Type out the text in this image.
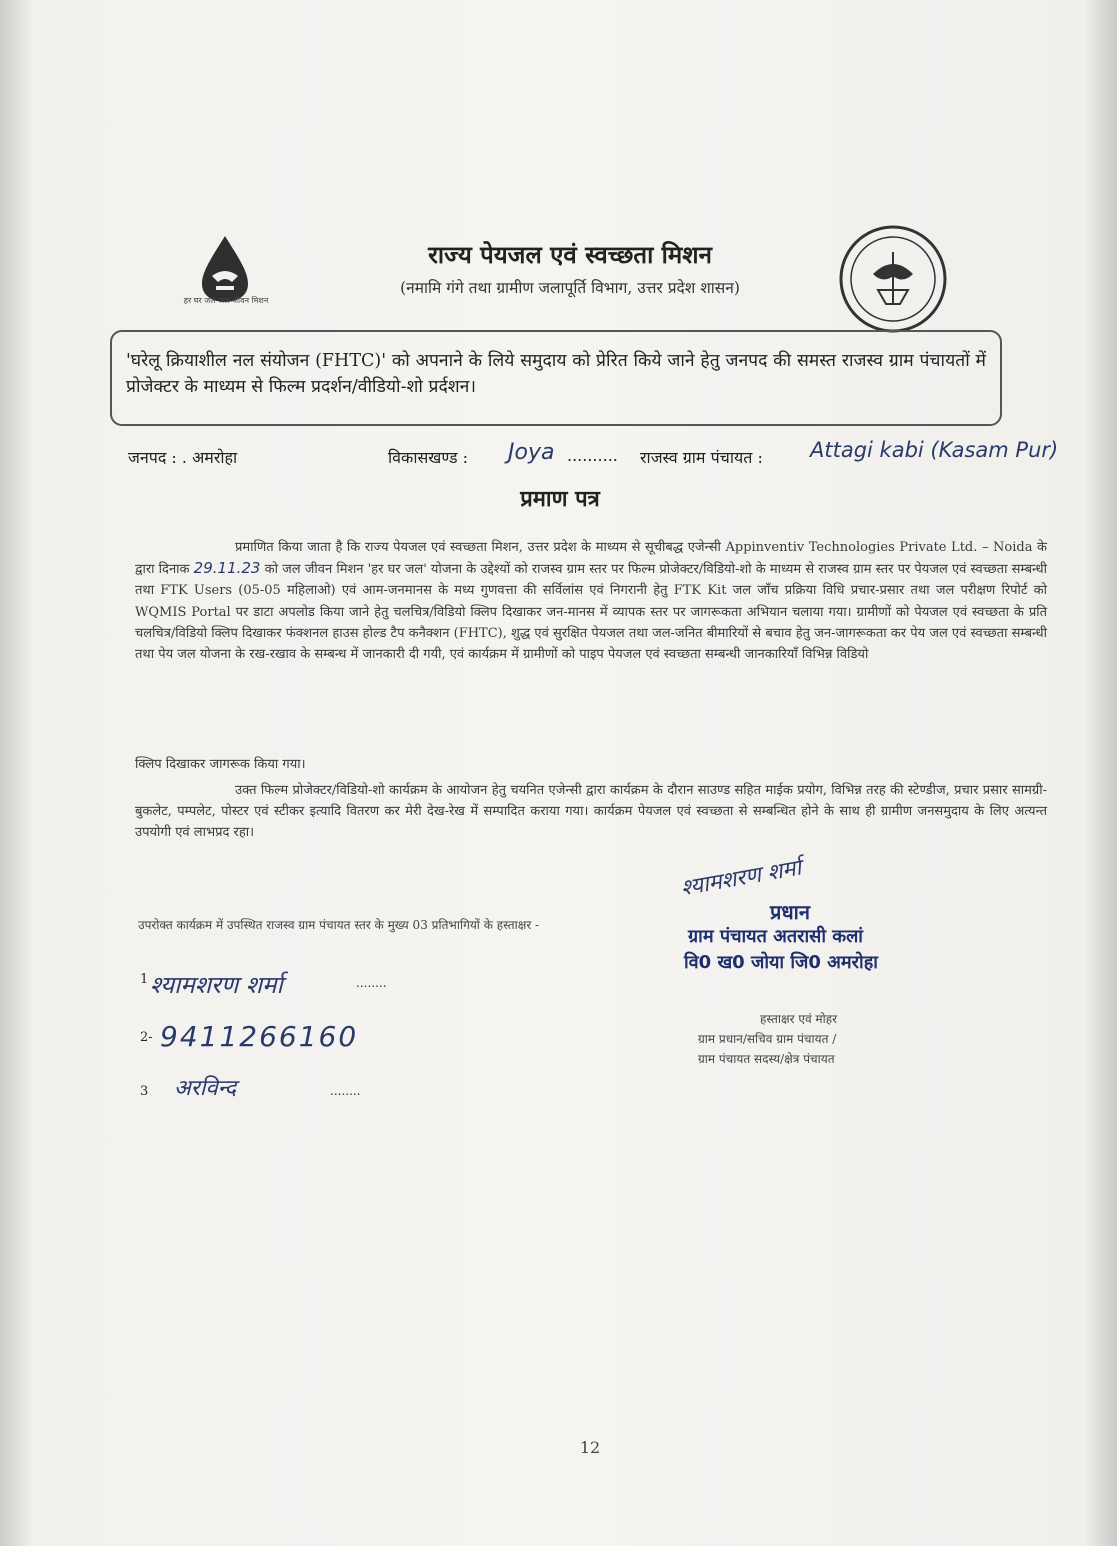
हर घर जल जल जीवन मिशन
राज्य पेयजल एवं स्वच्छता मिशन
(नमामि गंगे तथा ग्रामीण जलापूर्ति विभाग, उत्तर प्रदेश शासन)
'घरेलू क्रियाशील नल संयोजन (FHTC)' को अपनाने के लिये समुदाय को प्रेरित किये जाने हेतु जनपद की समस्त राजस्व ग्राम पंचायतों में प्रोजेक्टर के माध्यम से फिल्म प्रदर्शन/वीडियो-शो प्रर्दशन।
जनपद : . अमरोहा	विकासखण्ड : Joya .......... राजस्व ग्राम पंचायत : Attagi kabi (Kasam Pur)
प्रमाण पत्र
प्रमाणित किया जाता है कि राज्य पेयजल एवं स्वच्छता मिशन, उत्तर प्रदेश के माध्यम से सूचीबद्ध एजेन्सी Appinventiv Technologies Private Ltd. – Noida के द्वारा दिनाक 29.11.23 को जल जीवन मिशन 'हर घर जल' योजना के उद्देश्यों को राजस्व ग्राम स्तर पर फिल्म प्रोजेक्टर/विडियो-शो के माध्यम से राजस्व ग्राम स्तर पर पेयजल एवं स्वच्छता सम्बन्धी तथा FTK Users (05-05 महिलाओ) एवं आम-जनमानस के मध्य गुणवत्ता की सर्विलांस एवं निगरानी हेतु FTK Kit जल जाँच प्रक्रिया विधि प्रचार-प्रसार तथा जल परीक्षण रिपोर्ट को WQMIS Portal पर डाटा अपलोड किया जाने हेतु चलचित्र/विडियो क्लिप दिखाकर जन-मानस में व्यापक स्तर पर जागरूकता अभियान चलाया गया। ग्रामीणों को पेयजल एवं स्वच्छता के प्रति चलचित्र/विडियो क्लिप दिखाकर फंक्शनल हाउस होल्ड टैप कनैक्शन (FHTC), शुद्ध एवं सुरक्षित पेयजल तथा जल-जनित बीमारियों से बचाव हेतु जन-जागरूकता कर पेय जल एवं स्वच्छता सम्बन्धी तथा पेय जल योजना के रख-रखाव के सम्बन्ध में जानकारी दी गयी, एवं कार्यक्रम में ग्रामीणों को पाइप पेयजल एवं स्वच्छता सम्बन्धी जानकारियाँ विभिन्न विडियो
क्लिप दिखाकर जागरूक किया गया।
उक्त फिल्म प्रोजेक्टर/विडियो-शो कार्यक्रम के आयोजन हेतु चयनित एजेन्सी द्वारा कार्यक्रम के दौरान साउण्ड सहित माईक प्रयोग, विभिन्न तरह की स्टेण्डीज, प्रचार प्रसार सामग्री-बुकलेट, पम्पलेट, पोस्टर एवं स्टीकर इत्यादि वितरण कर मेरी देख-रेख में सम्पादित कराया गया। कार्यक्रम पेयजल एवं स्वच्छता से सम्बन्धित होने के साथ ही ग्रामीण जनसमुदाय के लिए अत्यन्त उपयोगी एवं लाभप्रद रहा।
उपरोक्त कार्यक्रम में उपस्थित राजस्व ग्राम पंचायत स्तर के मुख्य 03 प्रतिभागियों के हस्ताक्षर -
1 श्यामशरण शर्मा	........
2- 9411266160
3 अरविन्द	........
श्यामशरण शर्मा
प्रधान
ग्राम पंचायत अतरासी कलां
वि0 ख0 जोया जि0 अमरोहा
हस्ताक्षर एवं मोहर
ग्राम प्रधान/सचिव ग्राम पंचायत /
ग्राम पंचायत सदस्य/क्षेत्र पंचायत
12
